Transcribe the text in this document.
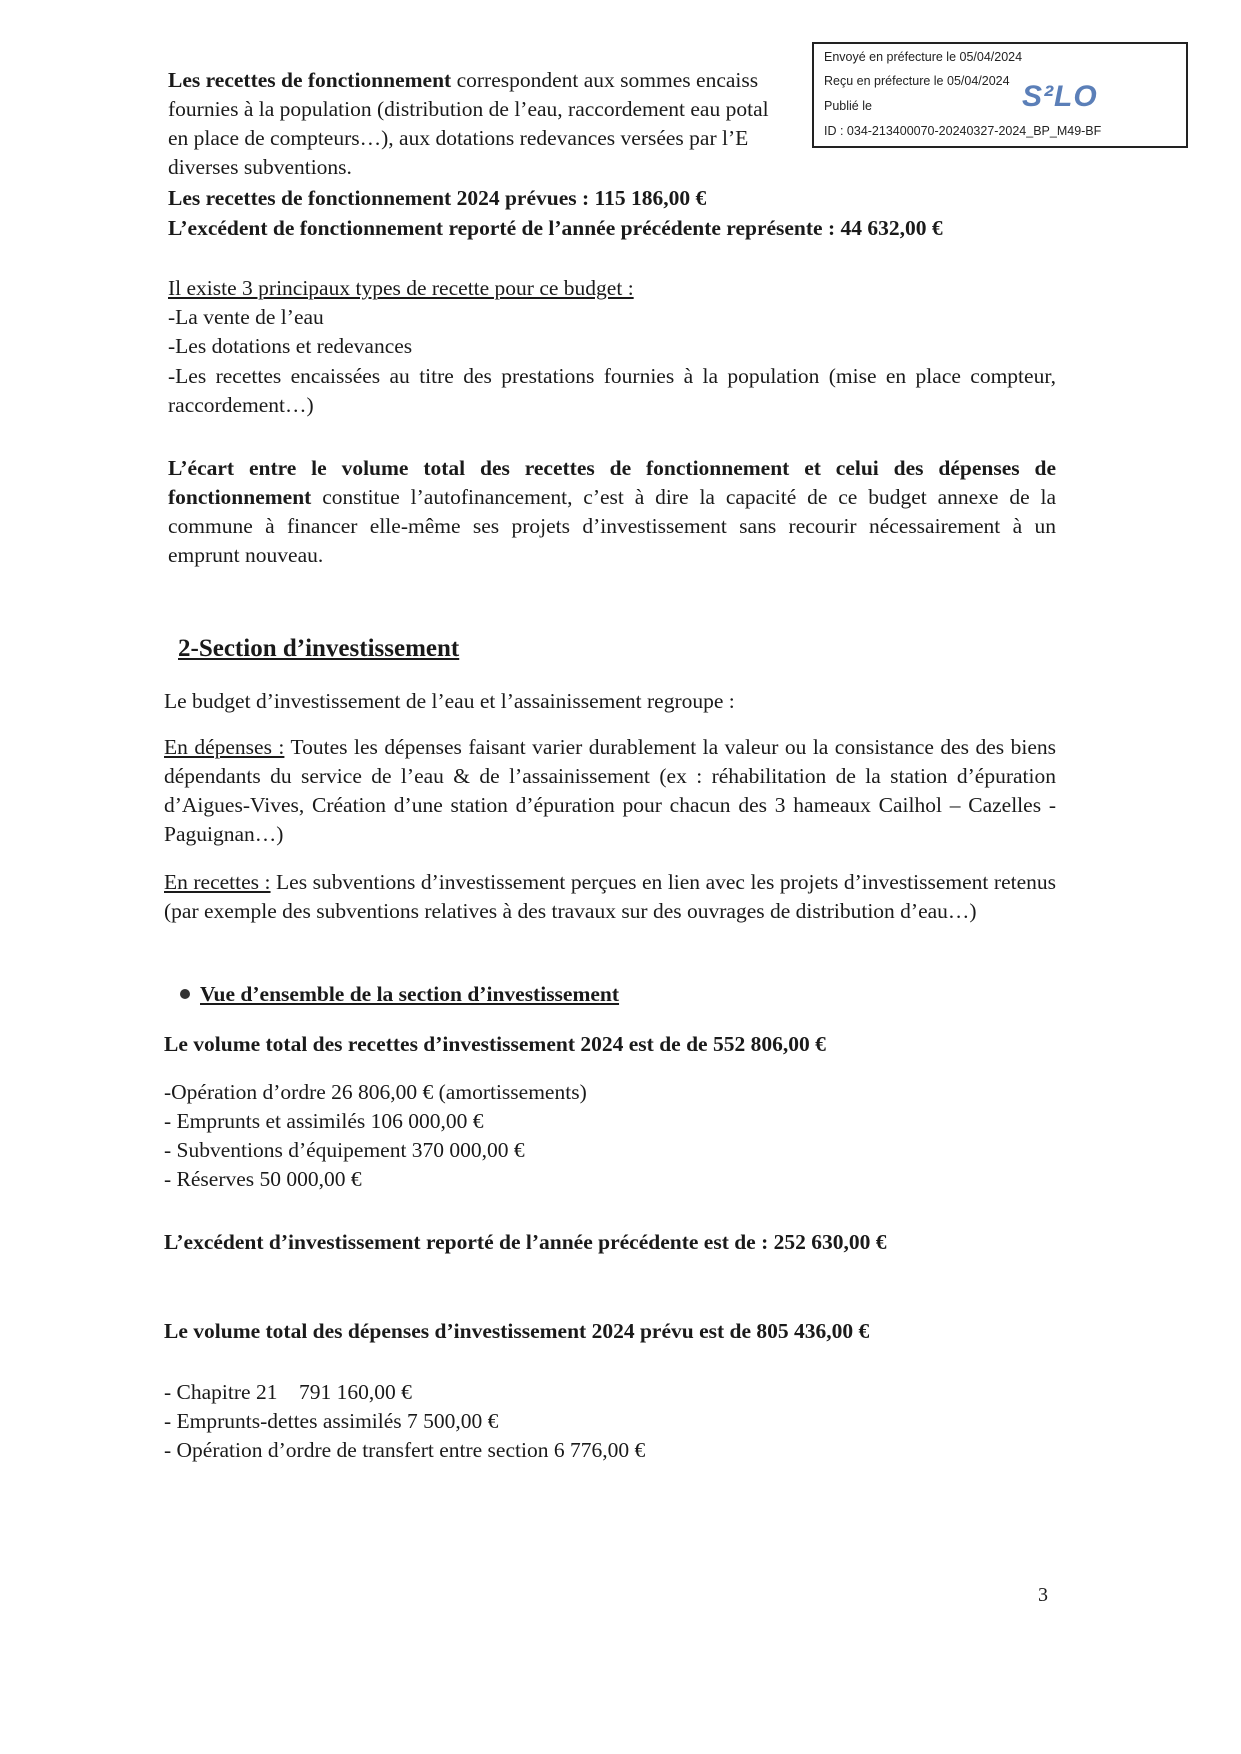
Les recettes de fonctionnement correspondent aux sommes encaiss
fournies à la population (distribution de l’eau, raccordement eau potal
en place de compteurs…), aux dotations redevances versées par l’E
diverses subventions.
Les recettes de fonctionnement 2024 prévues : 115 186,00 €
L’excédent de fonctionnement reporté de l’année précédente représente : 44 632,00 €
Envoyé en préfecture le 05/04/2024
Reçu en préfecture le 05/04/2024
Publié le
ID : 034-213400070-20240327-2024_BP_M49-BF
S²LO
Il existe 3 principaux types de recette pour ce budget :
-La vente de l’eau
-Les dotations et redevances
-Les recettes encaissées au titre des prestations fournies à la population (mise en place compteur, raccordement…)
L’écart entre le volume total des recettes de fonctionnement et celui des dépenses de fonctionnement constitue l’autofinancement, c’est à dire la capacité de ce budget annexe de la commune à financer elle-même ses projets d’investissement sans recourir nécessairement à un emprunt nouveau.
2-Section d’investissement
Le budget d’investissement de l’eau et l’assainissement regroupe :
En dépenses : Toutes les dépenses faisant varier durablement la valeur ou la consistance des des biens dépendants du service de l’eau & de l’assainissement (ex : réhabilitation de la station d’épuration d’Aigues-Vives, Création d’une station d’épuration pour chacun des 3 hameaux Cailhol – Cazelles - Paguignan…)
En recettes : Les subventions d’investissement perçues en lien avec les projets d’investissement retenus (par exemple des subventions relatives à des travaux sur des ouvrages de distribution d’eau…)
Vue d’ensemble de la section d’investissement
Le volume total des recettes d’investissement 2024 est de de 552 806,00 €
-Opération d’ordre 26 806,00 € (amortissements)
- Emprunts et assimilés 106 000,00 €
- Subventions d’équipement 370 000,00 €
- Réserves 50 000,00 €
L’excédent d’investissement reporté de l’année précédente est de : 252 630,00 €
Le volume total des dépenses d’investissement 2024 prévu est de 805 436,00 €
- Chapitre 21    791 160,00 €
- Emprunts-dettes assimilés 7 500,00 €
- Opération d’ordre de transfert entre section 6 776,00 €
3
